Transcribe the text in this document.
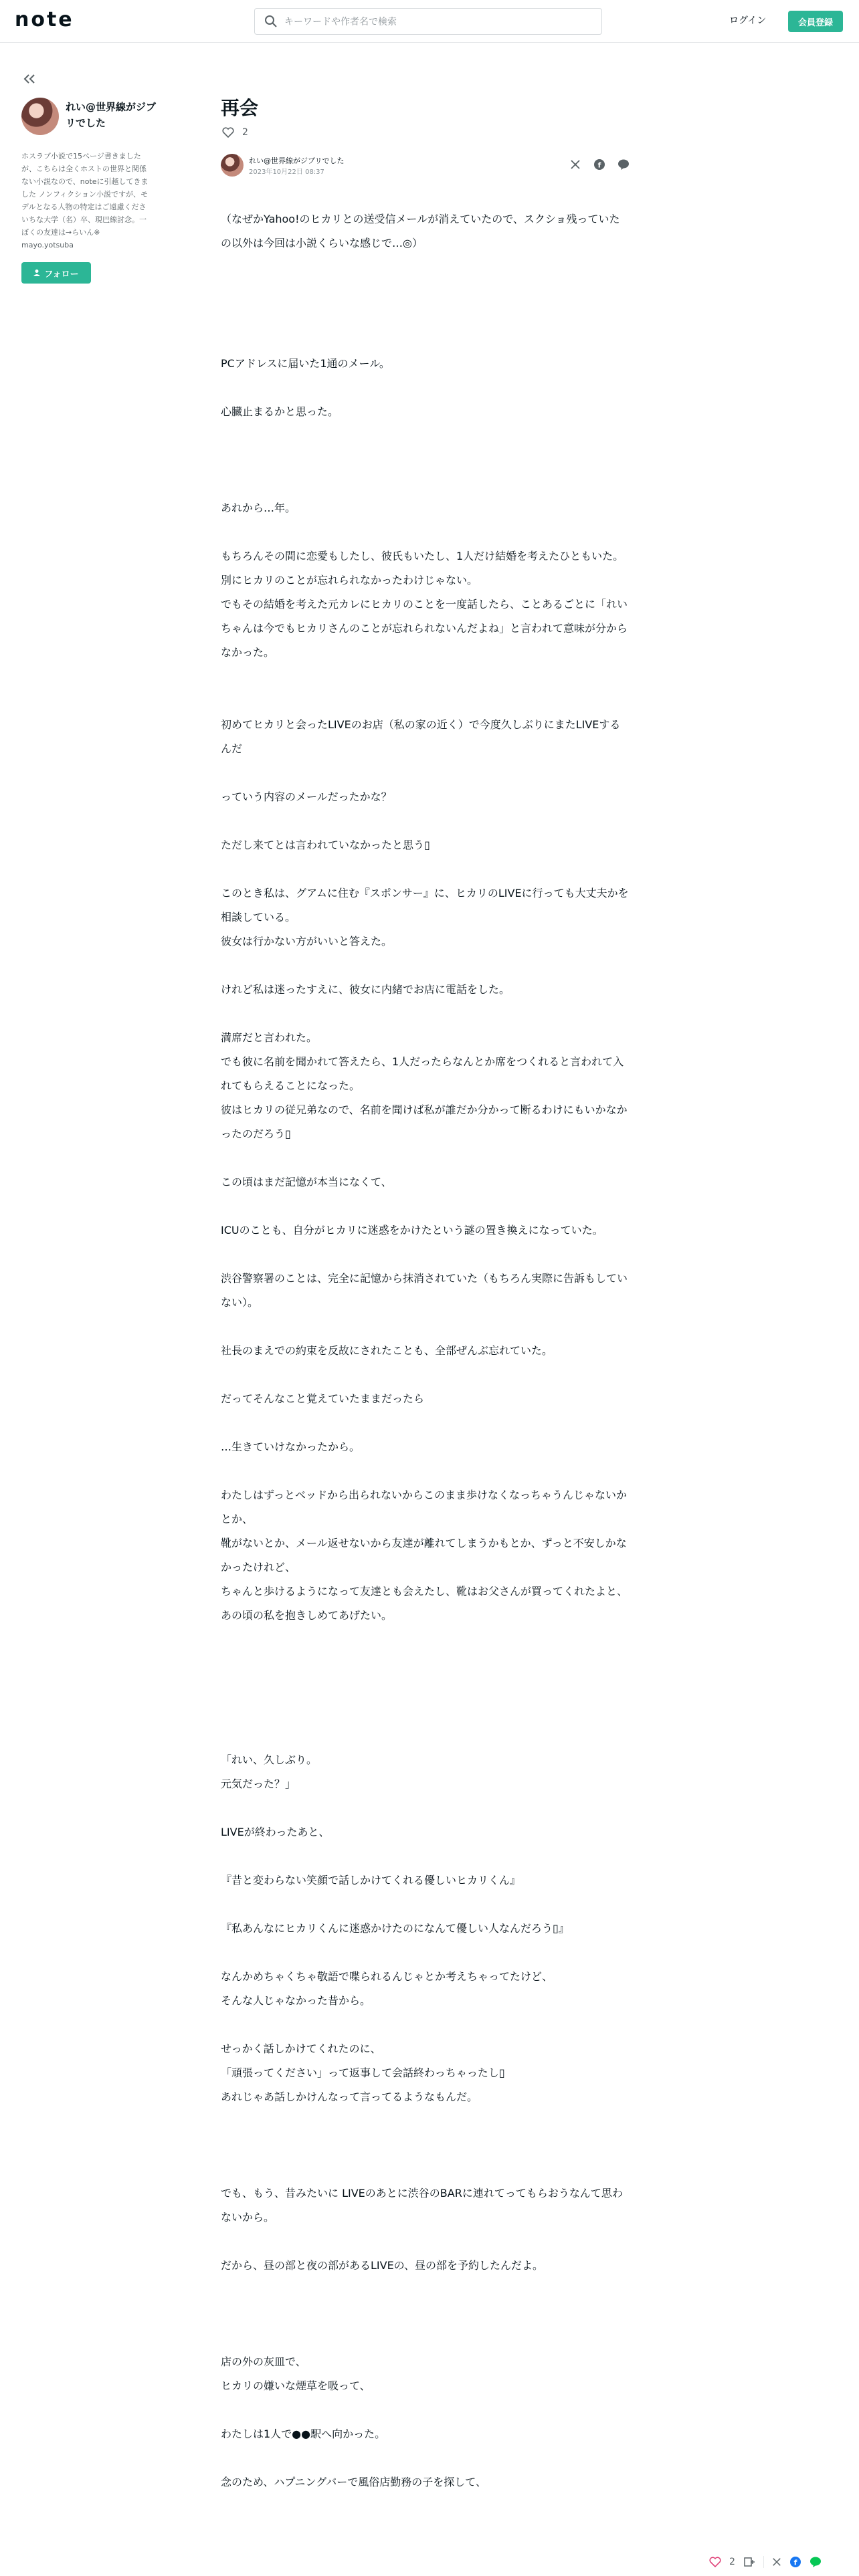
note	キーワードや作者名で検索	ログイン	会員登録
れい@世界線がジブリでした
ホスラブ小説で15ページ書きましたが、こちらは全くホストの世界と関係ない小説なので、noteに引越してきました ノンフィクション小説ですが、モデルとなる人物の特定はご遠慮くださいちな大学（名）卒、現巴線討念。一ぼくの友達は→らいん※ mayo.yotsuba
フォロー
再会
2
れい@世界線がジブリでした
2023年10月22日 08:37
f

（なぜかYahoo!のヒカリとの送受信メールが消えていたので、スクショ残っていたの以外は今回は小説くらいな感じで…◎）

PCアドレスに届いた1通のメール。

心臓止まるかと思った。

あれから…年。

もちろんその間に恋愛もしたし、彼氏もいたし、1人だけ結婚を考えたひともいた。

別にヒカリのことが忘れられなかったわけじゃない。

でもその結婚を考えた元カレにヒカリのことを一度話したら、ことあるごとに「れいちゃんは今でもヒカリさんのことが忘れられないんだよね」と言われて意味が分からなかった。

初めてヒカリと会ったLIVEのお店（私の家の近く）で今度久しぶりにまたLIVEするんだ

っていう内容のメールだったかな？

ただし来てとは言われていなかったと思う▯

このとき私は、グアムに住む『スポンサー』に、ヒカリのLIVEに行っても大丈夫かを相談している。

彼女は行かない方がいいと答えた。

けれど私は迷ったすえに、彼女に内緒でお店に電話をした。

満席だと言われた。

でも彼に名前を聞かれて答えたら、1人だったらなんとか席をつくれると言われて入れてもらえることになった。

彼はヒカリの従兄弟なので、名前を聞けば私が誰だか分かって断るわけにもいかなかったのだろう▯

この頃はまだ記憶が本当になくて、

ICUのことも、自分がヒカリに迷惑をかけたという謎の置き換えになっていた。

渋谷警察署のことは、完全に記憶から抹消されていた（もちろん実際に告訴もしていない）。

社長のまえでの約束を反故にされたことも、全部ぜんぶ忘れていた。

だってそんなこと覚えていたままだったら

…生きていけなかったから。

わたしはずっとベッドから出られないからこのまま歩けなくなっちゃうんじゃないかとか、

靴がないとか、メール返せないから友達が離れてしまうかもとか、ずっと不安しかなかったけれど、

ちゃんと歩けるようになって友達とも会えたし、靴はお父さんが買ってくれたよと、あの頃の私を抱きしめてあげたい。

「れい、久しぶり。

元気だった？」

LIVEが終わったあと、

『昔と変わらない笑顔で話しかけてくれる優しいヒカリくん』

『私あんなにヒカリくんに迷惑かけたのになんて優しい人なんだろう▯』

なんかめちゃくちゃ敬語で喋られるんじゃとか考えちゃってたけど、

そんな人じゃなかった昔から。

せっかく話しかけてくれたのに、

「頑張ってください」って返事して会話終わっちゃったし▯

あれじゃあ話しかけんなって言ってるようなもんだ。

でも、もう、昔みたいに LIVEのあとに渋谷のBARに連れてってもらおうなんて思わないから。

だから、昼の部と夜の部があるLIVEの、昼の部を予約したんだよ。

店の外の灰皿で、

ヒカリの嫌いな煙草を吸って、

わたしは1人で●●駅へ向かった。

念のため、ハプニングバーで風俗店勤務の子を探して、

2	f
